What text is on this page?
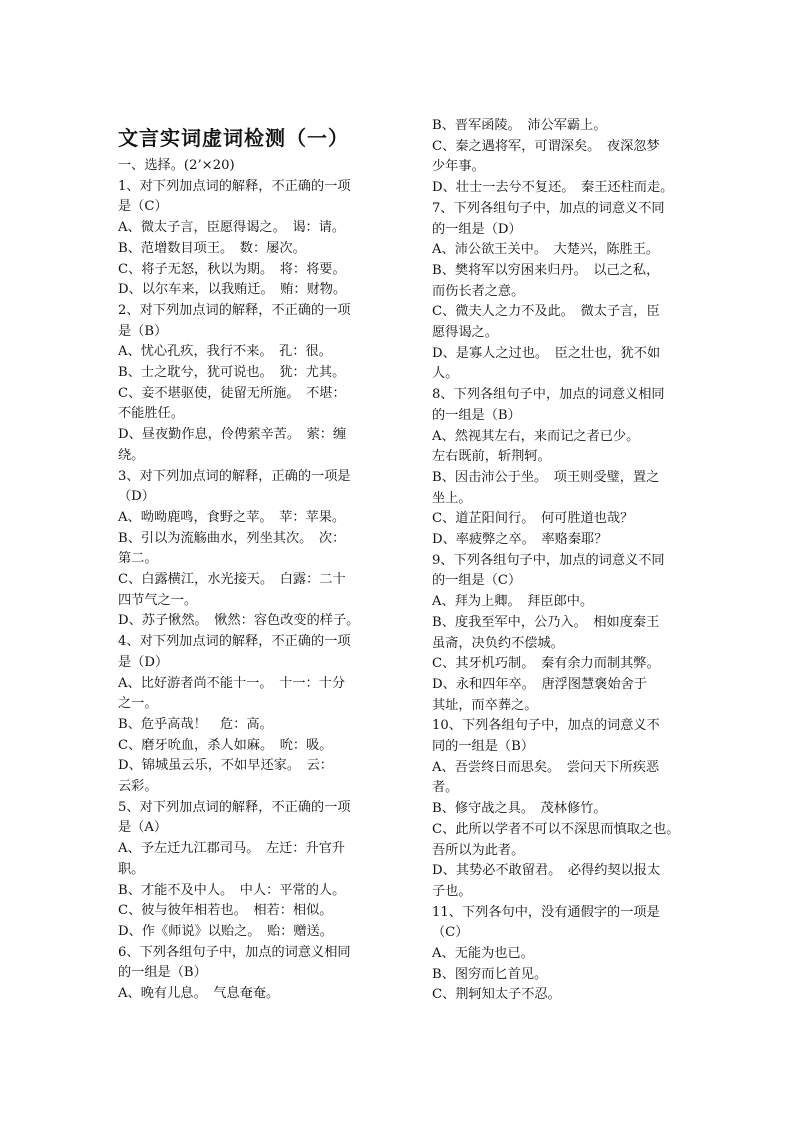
文言实词虚词检测（一）
一、选择。(2’×20)
1、对下列加点词的解释，不正确的一项
是（C）
A、微太子言，臣愿得谒之。　谒：请。
B、范增数目项王。　数：屡次。
C、将子无怒，秋以为期。　将：将要。
D、以尔车来，以我贿迁。　贿：财物。
2、对下列加点词的解释，不正确的一项
是（B）
A、忧心孔疚，我行不来。　孔：很。
B、士之耽兮，犹可说也。　犹：尤其。
C、妾不堪驱使，徒留无所施。　不堪：
不能胜任。
D、昼夜勤作息，伶俜萦辛苦。　萦：缠
绕。
3、对下列加点词的解释，正确的一项是
（D）
A、呦呦鹿鸣，食野之苹。　苹：苹果。
B、引以为流觞曲水，列坐其次。　次：
第二。
C、白露横江，水光接天。　白露：二十
四节气之一。
D、苏子愀然。　愀然：容色改变的样子。
4、对下列加点词的解释，不正确的一项
是（D）
A、比好游者尚不能十一。　十一：十分
之一。
B、危乎高哉！　危：高。
C、磨牙吮血，杀人如麻。　吮：吸。
D、锦城虽云乐，不如早还家。　云：
云彩。
5、对下列加点词的解释，不正确的一项
是（A）
A、予左迁九江郡司马。　左迁：升官升
职。
B、才能不及中人。　中人：平常的人。
C、彼与彼年相若也。　相若：相似。
D、作《师说》以贻之。　贻：赠送。
6、下列各组句子中，加点的词意义相同
的一组是（B）
A、晚有儿息。　气息奄奄。
B、晋军函陵。　沛公军霸上。
C、秦之遇将军，可谓深矣。　夜深忽梦
少年事。
D、壮士一去兮不复还。　秦王还柱而走。
7、下列各组句子中，加点的词意义不同
的一组是（D）
A、沛公欲王关中。　大楚兴，陈胜王。
B、樊将军以穷困来归丹。　以己之私，
而伤长者之意。
C、微夫人之力不及此。　微太子言，臣
愿得谒之。
D、是寡人之过也。　臣之壮也，犹不如
人。
8、下列各组句子中，加点的词意义相同
的一组是（B）
A、然视其左右，来而记之者已少。
左右既前，斩荆轲。
B、因击沛公于坐。　项王则受璧，置之
坐上。
C、道芷阳间行。　何可胜道也哉？
D、率疲弊之卒。　率赂秦耶？
9、下列各组句子中，加点的词意义不同
的一组是（C）
A、拜为上卿。　拜臣郎中。
B、度我至军中，公乃入。　相如度秦王
虽斋，决负约不偿城。
C、其牙机巧制。　秦有余力而制其弊。
D、永和四年卒。　唐浮图慧褒始舍于
其址，而卒葬之。
10、下列各组句子中，加点的词意义不
同的一组是（B）
A、吾尝终日而思矣。　尝问天下所疾恶
者。
B、修守战之具。　茂林修竹。
C、此所以学者不可以不深思而慎取之也。
吾所以为此者。
D、其势必不敢留君。　必得约契以报太
子也。
11、下列各句中，没有通假字的一项是
（C）
A、无能为也已。
B、图穷而匕首见。
C、荆轲知太子不忍。
